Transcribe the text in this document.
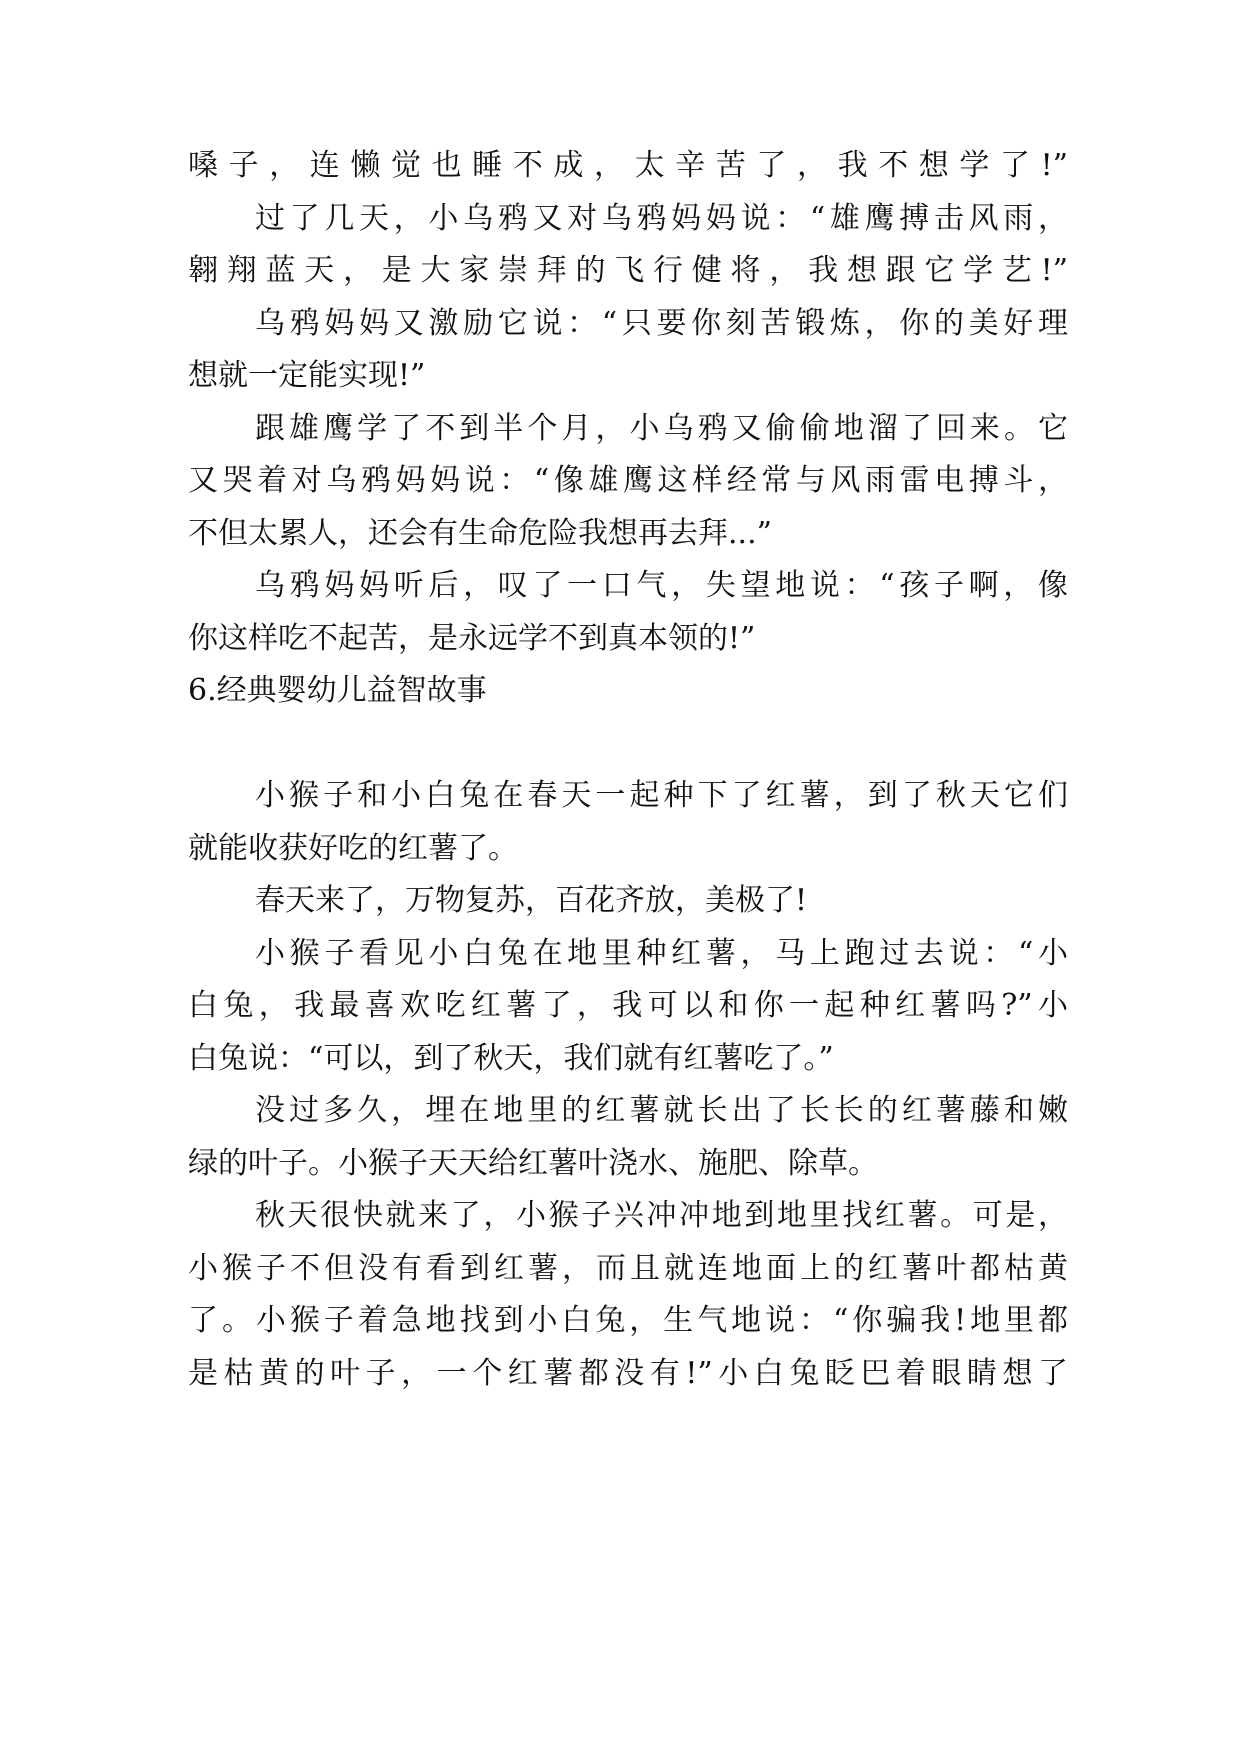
嗓子，连懒觉也睡不成，太辛苦了，我不想学了!”
过了几天，小乌鸦又对乌鸦妈妈说：“雄鹰搏击风雨，
翱翔蓝天，是大家崇拜的飞行健将，我想跟它学艺!”
乌鸦妈妈又激励它说：“只要你刻苦锻炼，你的美好理
想就一定能实现!”
跟雄鹰学了不到半个月，小乌鸦又偷偷地溜了回来。它
又哭着对乌鸦妈妈说：“像雄鹰这样经常与风雨雷电搏斗，
不但太累人，还会有生命危险我想再去拜...”
乌鸦妈妈听后，叹了一口气，失望地说：“孩子啊，像
你这样吃不起苦，是永远学不到真本领的!”
6.经典婴幼儿益智故事
小猴子和小白兔在春天一起种下了红薯，到了秋天它们
就能收获好吃的红薯了。
春天来了，万物复苏，百花齐放，美极了!
小猴子看见小白兔在地里种红薯，马上跑过去说：“小
白兔，我最喜欢吃红薯了，我可以和你一起种红薯吗?”小
白兔说：“可以，到了秋天，我们就有红薯吃了。”
没过多久，埋在地里的红薯就长出了长长的红薯藤和嫩
绿的叶子。小猴子天天给红薯叶浇水、施肥、除草。
秋天很快就来了，小猴子兴冲冲地到地里找红薯。可是，
小猴子不但没有看到红薯，而且就连地面上的红薯叶都枯黄
了。小猴子着急地找到小白兔，生气地说：“你骗我!地里都
是枯黄的叶子，一个红薯都没有!”小白兔眨巴着眼睛想了
